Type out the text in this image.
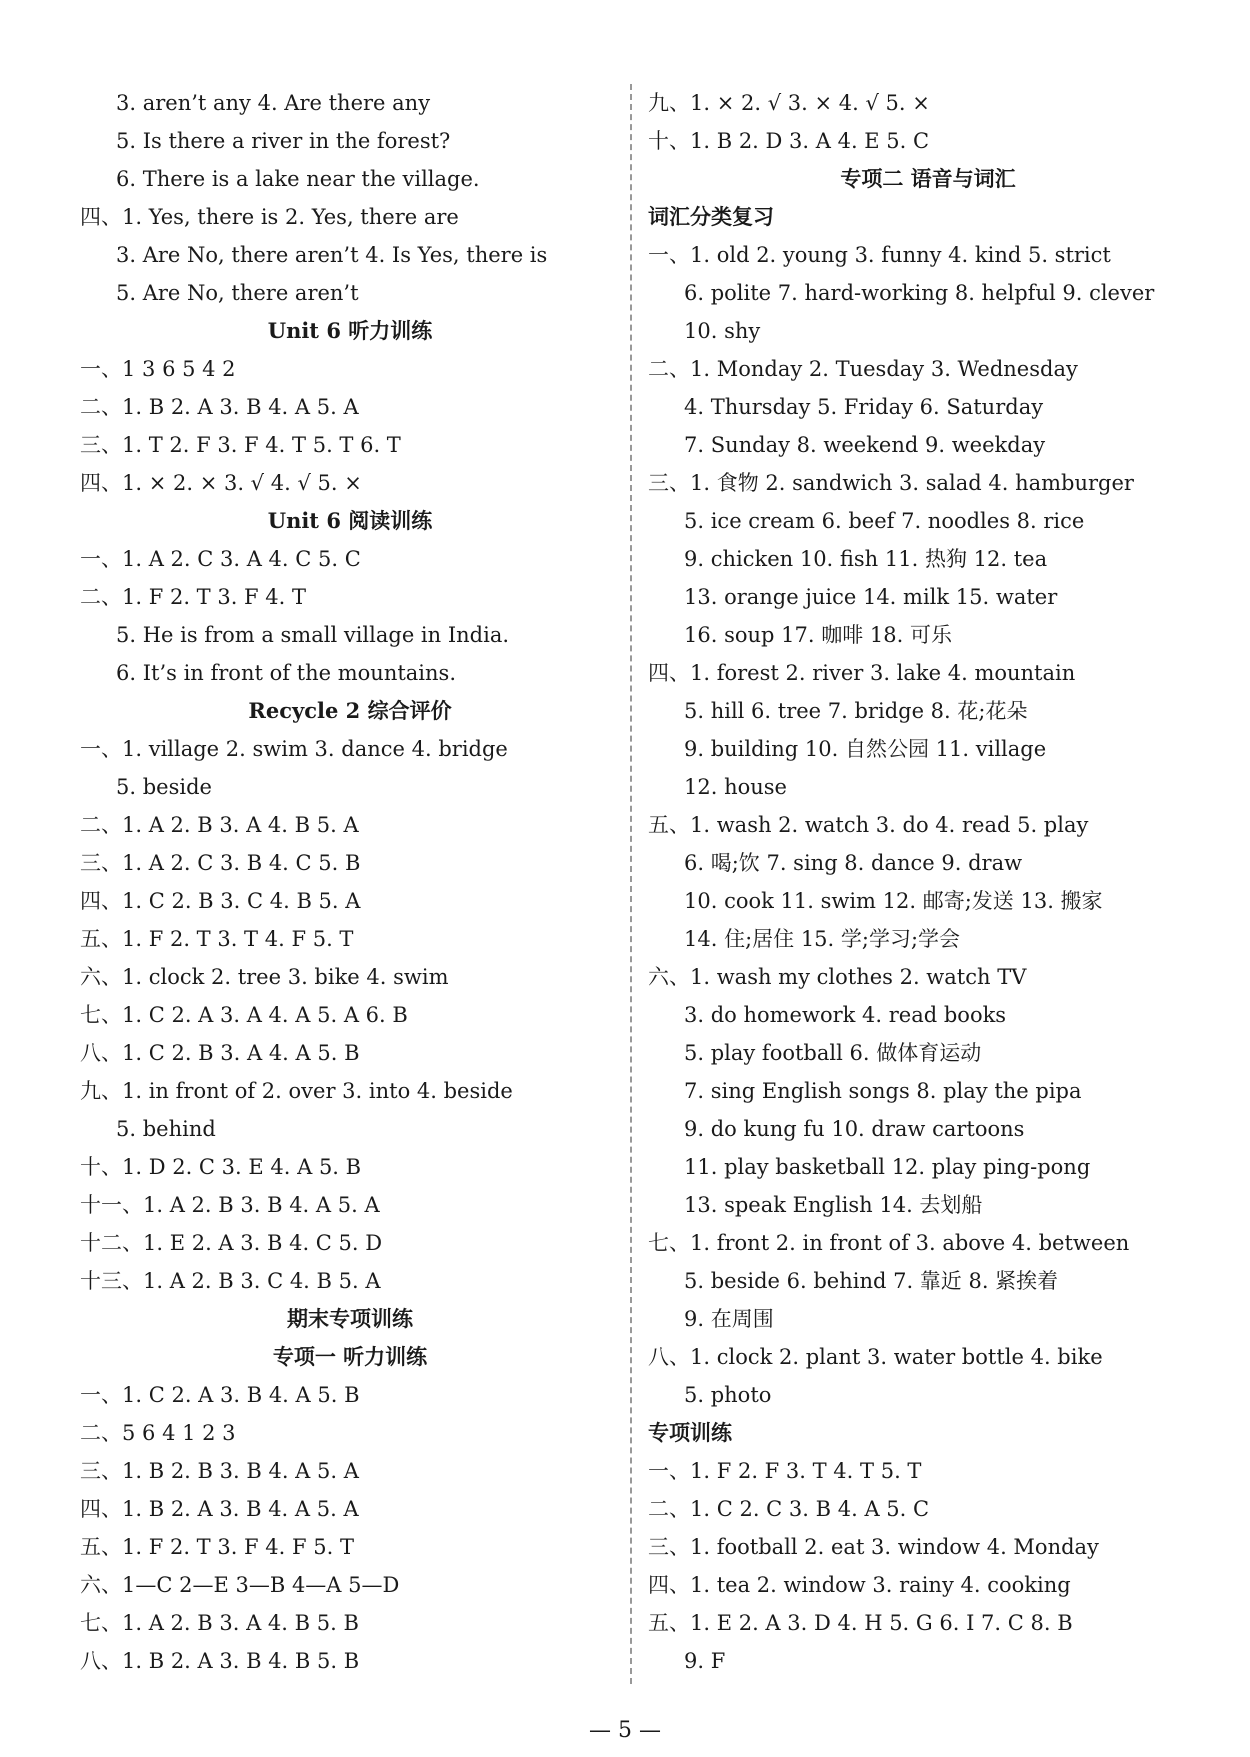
3. aren’t any 4. Are there any
5. Is there a river in the forest?
6. There is a lake near the village.
四、1. Yes, there is 2. Yes, there are
3. Are No, there aren’t 4. Is Yes, there is
5. Are No, there aren’t
Unit 6 听力训练
一、1 3 6 5 4 2
二、1. B 2. A 3. B 4. A 5. A
三、1. T 2. F 3. F 4. T 5. T 6. T
四、1. × 2. × 3. √ 4. √ 5. ×
Unit 6 阅读训练
一、1. A 2. C 3. A 4. C 5. C
二、1. F 2. T 3. F 4. T
5. He is from a small village in India.
6. It’s in front of the mountains.
Recycle 2 综合评价
一、1. village 2. swim 3. dance 4. bridge
5. beside
二、1. A 2. B 3. A 4. B 5. A
三、1. A 2. C 3. B 4. C 5. B
四、1. C 2. B 3. C 4. B 5. A
五、1. F 2. T 3. T 4. F 5. T
六、1. clock 2. tree 3. bike 4. swim
七、1. C 2. A 3. A 4. A 5. A 6. B
八、1. C 2. B 3. A 4. A 5. B
九、1. in front of 2. over 3. into 4. beside
5. behind
十、1. D 2. C 3. E 4. A 5. B
十一、1. A 2. B 3. B 4. A 5. A
十二、1. E 2. A 3. B 4. C 5. D
十三、1. A 2. B 3. C 4. B 5. A
期末专项训练
专项一 听力训练
一、1. C 2. A 3. B 4. A 5. B
二、5 6 4 1 2 3
三、1. B 2. B 3. B 4. A 5. A
四、1. B 2. A 3. B 4. A 5. A
五、1. F 2. T 3. F 4. F 5. T
六、1—C 2—E 3—B 4—A 5—D
七、1. A 2. B 3. A 4. B 5. B
八、1. B 2. A 3. B 4. B 5. B
九、1. × 2. √ 3. × 4. √ 5. ×
十、1. B 2. D 3. A 4. E 5. C
专项二 语音与词汇
词汇分类复习
一、1. old 2. young 3. funny 4. kind 5. strict
6. polite 7. hard-working 8. helpful 9. clever
10. shy
二、1. Monday 2. Tuesday 3. Wednesday
4. Thursday 5. Friday 6. Saturday
7. Sunday 8. weekend 9. weekday
三、1. 食物 2. sandwich 3. salad 4. hamburger
5. ice cream 6. beef 7. noodles 8. rice
9. chicken 10. fish 11. 热狗 12. tea
13. orange juice 14. milk 15. water
16. soup 17. 咖啡 18. 可乐
四、1. forest 2. river 3. lake 4. mountain
5. hill 6. tree 7. bridge 8. 花;花朵
9. building 10. 自然公园 11. village
12. house
五、1. wash 2. watch 3. do 4. read 5. play
6. 喝;饮 7. sing 8. dance 9. draw
10. cook 11. swim 12. 邮寄;发送 13. 搬家
14. 住;居住 15. 学;学习;学会
六、1. wash my clothes 2. watch TV
3. do homework 4. read books
5. play football 6. 做体育运动
7. sing English songs 8. play the pipa
9. do kung fu 10. draw cartoons
11. play basketball 12. play ping-pong
13. speak English 14. 去划船
七、1. front 2. in front of 3. above 4. between
5. beside 6. behind 7. 靠近 8. 紧挨着
9. 在周围
八、1. clock 2. plant 3. water bottle 4. bike
5. photo
专项训练
一、1. F 2. F 3. T 4. T 5. T
二、1. C 2. C 3. B 4. A 5. C
三、1. football 2. eat 3. window 4. Monday
四、1. tea 2. window 3. rainy 4. cooking
五、1. E 2. A 3. D 4. H 5. G 6. I 7. C 8. B
9. F
— 5 —
